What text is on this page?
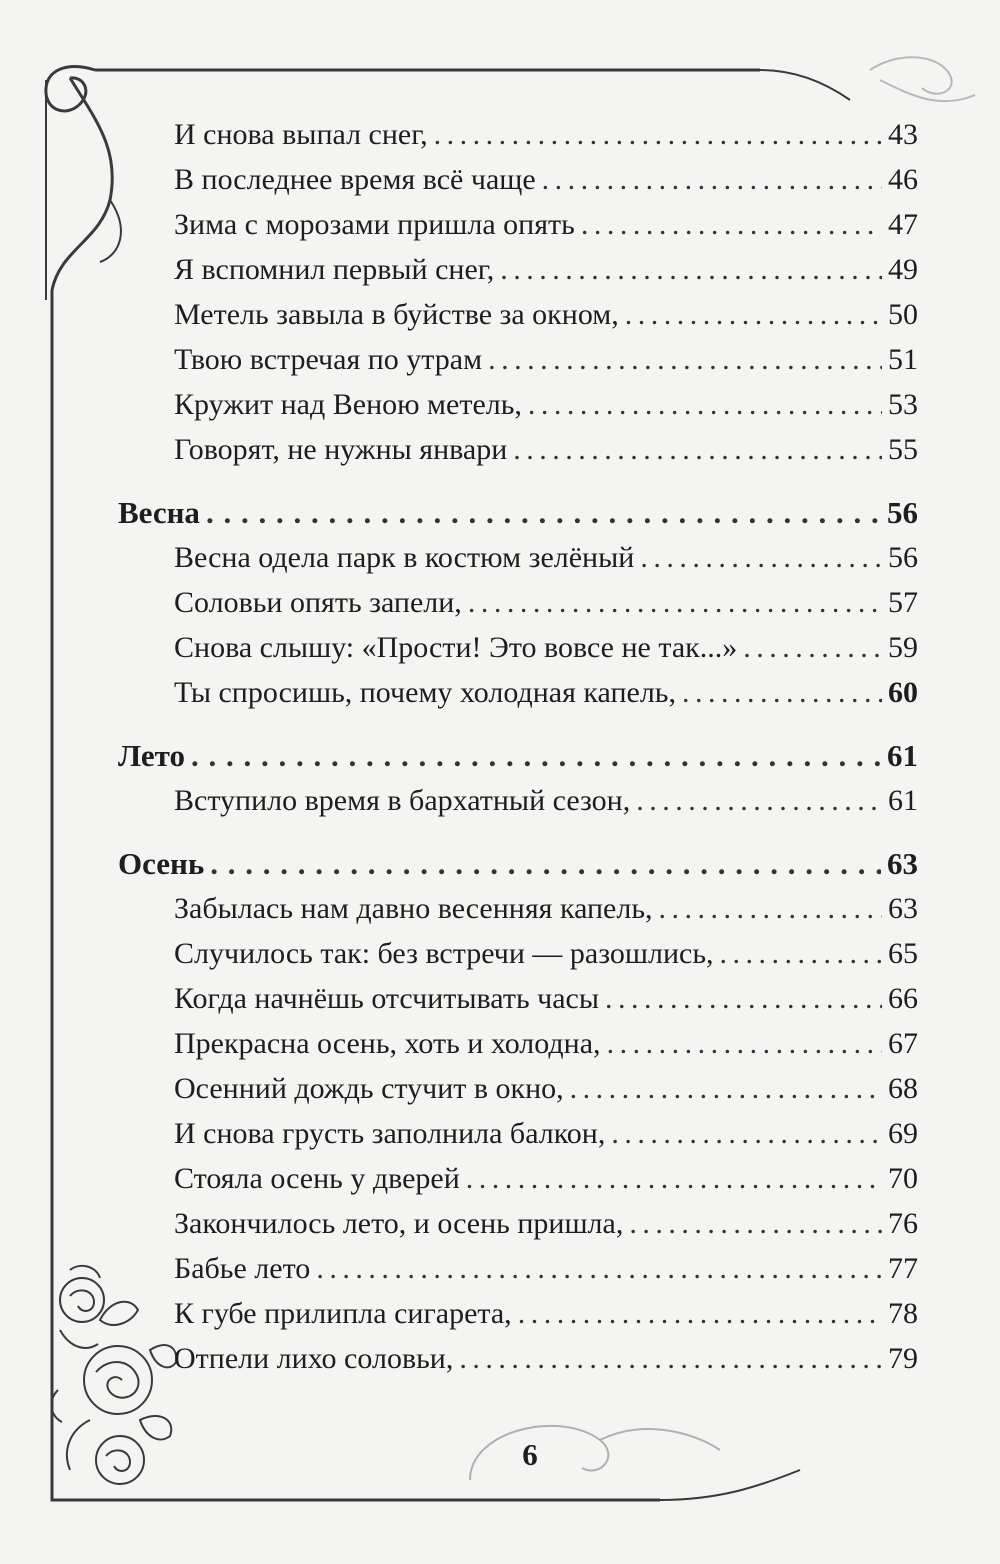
И снова выпал снег, . . .	43
В последнее время всё чаще . . .	46
Зима с морозами пришла опять . . .	47
Я вспомнил первый снег, . . .	49
Метель завыла в буйстве за окном, . . .	50
Твою встречая по утрам . . .	51
Кружит над Веною метель, . . .	53
Говорят, не нужны январи . . .	55
Весна . . .	56
Весна одела парк в костюм зелёный . . .	56
Соловьи опять запели, . . .	57
Снова слышу: «Прости! Это вовсе не так...» . . .	59
Ты спросишь, почему холодная капель, . . .	60
Лето . . .	61
Вступило время в бархатный сезон, . . .	61
Осень . . .	63
Забылась нам давно весенняя капель, . . .	63
Случилось так: без встречи — разошлись, . . .	65
Когда начнёшь отсчитывать часы . . .	66
Прекрасна осень, хоть и холодна, . . .	67
Осенний дождь стучит в окно, . . .	68
И снова грусть заполнила балкон, . . .	69
Стояла осень у дверей . . .	70
Закончилось лето, и осень пришла, . . .	76
Бабье лето . . .	77
К губе прилипла сигарета, . . .	78
Отпели лихо соловьи, . . .	79
6
